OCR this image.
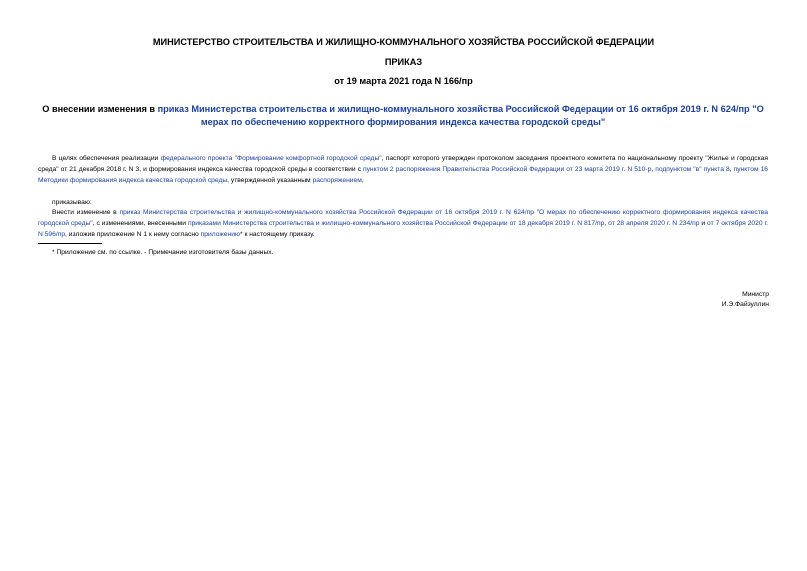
МИНИСТЕРСТВО СТРОИТЕЛЬСТВА И ЖИЛИЩНО-КОММУНАЛЬНОГО ХОЗЯЙСТВА РОССИЙСКОЙ ФЕДЕРАЦИИ
ПРИКАЗ
от 19 марта 2021 года N 166/пр
О внесении изменения в приказ Министерства строительства и жилищно-коммунального хозяйства Российской Федерации от 16 октября 2019 г. N 624/пр "О мерах по обеспечению корректного формирования индекса качества городской среды"
В целях обеспечения реализации федерального проекта "Формирование комфортной городской среды", паспорт которого утвержден протоколом заседания проектного комитета по национальному проекту "Жилье и городская среда" от 21 декабря 2018 г. N 3, и формирования индекса качества городской среды в соответствии с пунктом 2 распоряжения Правительства Российской Федерации от 23 марта 2019 г. N 510-р, подпунктом "в" пункта 8, пунктом 16 Методики формирования индекса качества городской среды, утвержденной указанным распоряжением,
приказываю:
Внести изменение в приказ Министерства строительства и жилищно-коммунального хозяйства Российской Федерации от 16 октября 2019 г. N 624/пр "О мерах по обеспечению корректного формирования индекса качества городской среды", с изменениями, внесенными приказами Министерства строительства и жилищно-коммунального хозяйства Российской Федерации от 18 декабря 2019 г. N 817/пр, от 28 апреля 2020 г. N 234/пр и от 7 октября 2020 г. N 596/пр, изложив приложение N 1 к нему согласно приложению* к настоящему приказу.
* Приложение см. по ссылке. - Примечание изготовителя базы данных.
Министр
И.Э.Файзуллин
